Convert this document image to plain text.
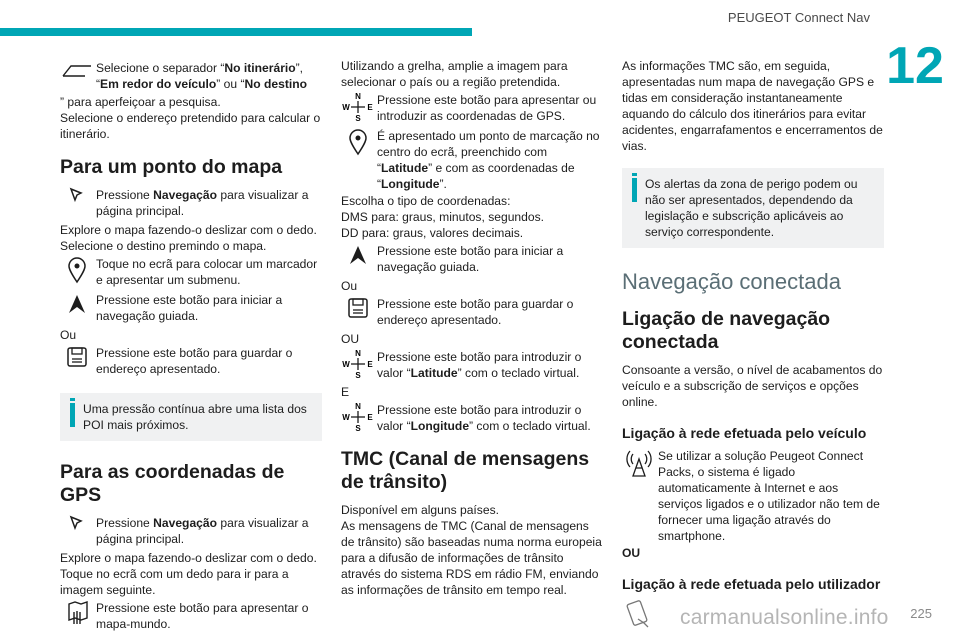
PEUGEOT Connect Nav
12
Selecione o separador “No itinerário”, “Em redor do veículo” ou “No destino

” para aperfeiçoar a pesquisa.

Selecione o endereço pretendido para calcular o itinerário.

Para um ponto do mapa
Pressione Navegação para visualizar a página principal.

Explore o mapa fazendo-o deslizar com o dedo.

Selecione o destino premindo o mapa.

Toque no ecrã para colocar um marcador e apresentar um submenu.
Pressione este botão para iniciar a navegação guiada.

Ou

Pressione este botão para guardar o endereço apresentado.
Uma pressão contínua abre uma lista dos POI mais próximos.
Para as coordenadas de GPS
Pressione Navegação para visualizar a página principal.

Explore o mapa fazendo-o deslizar com o dedo.

Toque no ecrã com um dedo para ir para a imagem seguinte.

Pressione este botão para apresentar o mapa-mundo.

Utilizando a grelha, amplie a imagem para selecionar o país ou a região pretendida.

N
S
W E
Pressione este botão para apresentar ou introduzir as coordenadas de GPS.
É apresentado um ponto de marcação no centro do ecrã, preenchido com “Latitude” e com as coordenadas de “Longitude”.

Escolha o tipo de coordenadas:

DMS para: graus, minutos, segundos.

DD para: graus, valores decimais.

Pressione este botão para iniciar a navegação guiada.

Ou

Pressione este botão para guardar o endereço apresentado.

OU

N
S
W E
Pressione este botão para introduzir o valor “Latitude” com o teclado virtual.

E

N
S
W E
Pressione este botão para introduzir o valor “Longitude” com o teclado virtual.
TMC (Canal de mensagens de trânsito)

Disponível em alguns países.

As mensagens de TMC (Canal de mensagens de trânsito) são baseadas numa norma europeia para a difusão de informações de trânsito através do sistema RDS em rádio FM, enviando as informações de trânsito em tempo real.

As informações TMC são, em seguida, apresentadas num mapa de navegação GPS e tidas em consideração instantaneamente aquando do cálculo dos itinerários para evitar acidentes, engarrafamentos e encerramentos de vias.

Os alertas da zona de perigo podem ou não ser apresentados, dependendo da legislação e subscrição aplicáveis ao serviço correspondente.
Navegação conectada
Ligação de navegação conectada

Consoante a versão, o nível de acabamentos do veículo e a subscrição de serviços e opções online.

Ligação à rede efetuada pelo veículo
Se utilizar a solução Peugeot Connect Packs, o sistema é ligado automaticamente à Internet e aos serviços ligados e o utilizador não tem de fornecer uma ligação através do smartphone.

OU

Ligação à rede efetuada pelo utilizador
carmanualsonline.info 225
